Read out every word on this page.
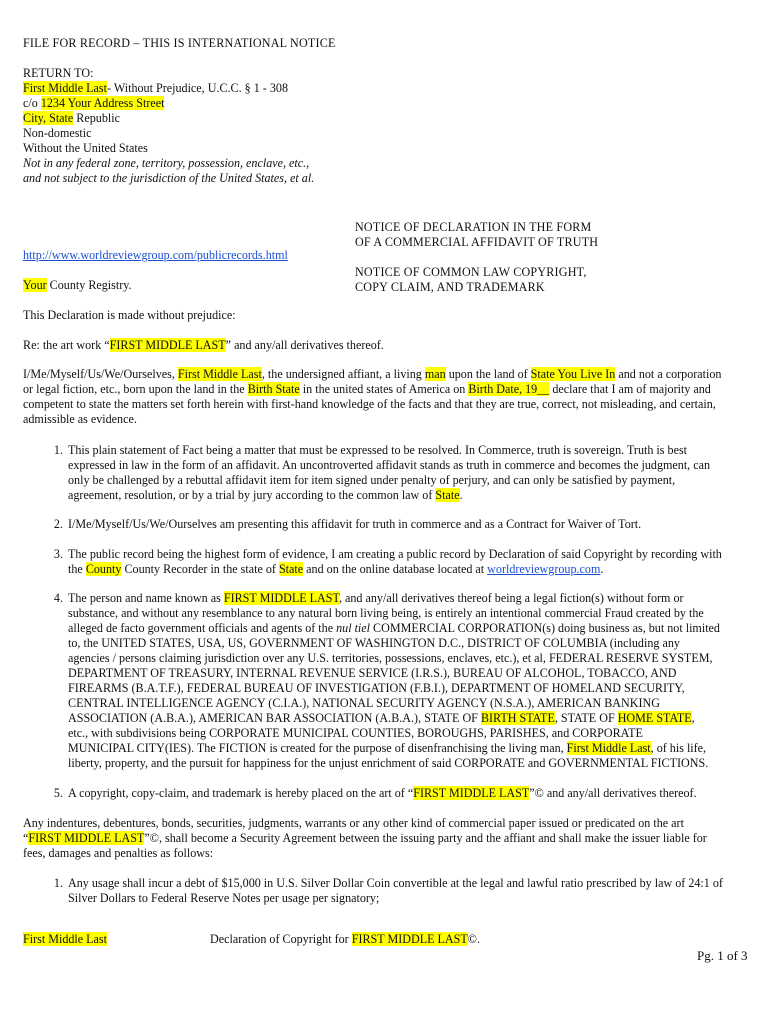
FILE FOR RECORD – THIS IS INTERNATIONAL NOTICE
RETURN TO:
First Middle Last- Without Prejudice, U.C.C. § 1 - 308
c/o 1234 Your Address Street
City, State Republic
Non-domestic
Without the United States
Not in any federal zone, territory, possession, enclave, etc.,
and not subject to the jurisdiction of the United States, et al.
NOTICE OF DECLARATION IN THE FORM
OF A COMMERCIAL AFFIDAVIT OF TRUTH
NOTICE OF COMMON LAW COPYRIGHT,
COPY CLAIM, AND TRADEMARK
http://www.worldreviewgroup.com/publicrecords.html
Your County Registry.
This Declaration is made without prejudice:
Re: the art work “FIRST MIDDLE LAST” and any/all derivatives thereof.
I/Me/Myself/Us/We/Ourselves, First Middle Last, the undersigned affiant, a living man upon the land of State You Live In and not a corporation
or legal fiction, etc., born upon the land in the Birth State in the united states of America on Birth Date, 19__ declare that I am of majority and
competent to state the matters set forth herein with first-hand knowledge of the facts and that they are true, correct, not misleading, and certain,
admissible as evidence.
1. This plain statement of Fact being a matter that must be expressed to be resolved. In Commerce, truth is sovereign. Truth is best
expressed in law in the form of an affidavit. An uncontroverted affidavit stands as truth in commerce and becomes the judgment, can
only be challenged by a rebuttal affidavit item for item signed under penalty of perjury, and can only be satisfied by payment,
agreement, resolution, or by a trial by jury according to the common law of State.
2. I/Me/Myself/Us/We/Ourselves am presenting this affidavit for truth in commerce and as a Contract for Waiver of Tort.
3. The public record being the highest form of evidence, I am creating a public record by Declaration of said Copyright by recording with
the County County Recorder in the state of State and on the online database located at worldreviewgroup.com.
4. The person and name known as FIRST MIDDLE LAST, and any/all derivatives thereof being a legal fiction(s) without form or
substance, and without any resemblance to any natural born living being, is entirely an intentional commercial Fraud created by the
alleged de facto government officials and agents of the nul tiel COMMERCIAL CORPORATION(s) doing business as, but not limited
to, the UNITED STATES, USA, US, GOVERNMENT OF WASHINGTON D.C., DISTRICT OF COLUMBIA (including any
agencies / persons claiming jurisdiction over any U.S. territories, possessions, enclaves, etc.), et al, FEDERAL RESERVE SYSTEM,
DEPARTMENT OF TREASURY, INTERNAL REVENUE SERVICE (I.R.S.), BUREAU OF ALCOHOL, TOBACCO, AND
FIREARMS (B.A.T.F.), FEDERAL BUREAU OF INVESTIGATION (F.B.I.), DEPARTMENT OF HOMELAND SECURITY,
CENTRAL INTELLIGENCE AGENCY (C.I.A.), NATIONAL SECURITY AGENCY (N.S.A.), AMERICAN BANKING
ASSOCIATION (A.B.A.), AMERICAN BAR ASSOCIATION (A.B.A.), STATE OF BIRTH STATE, STATE OF HOME STATE,
etc., with subdivisions being CORPORATE MUNICIPAL COUNTIES, BOROUGHS, PARISHES, and CORPORATE
MUNICIPAL CITY(IES). The FICTION is created for the purpose of disenfranchising the living man, First Middle Last, of his life,
liberty, property, and the pursuit for happiness for the unjust enrichment of said CORPORATE and GOVERNMENTAL FICTIONS.
5. A copyright, copy-claim, and trademark is hereby placed on the art of “FIRST MIDDLE LAST”© and any/all derivatives thereof.
Any indentures, debentures, bonds, securities, judgments, warrants or any other kind of commercial paper issued or predicated on the art
“FIRST MIDDLE LAST”©, shall become a Security Agreement between the issuing party and the affiant and shall make the issuer liable for
fees, damages and penalties as follows:
1. Any usage shall incur a debt of $15,000 in U.S. Silver Dollar Coin convertible at the legal and lawful ratio prescribed by law of 24:1 of
Silver Dollars to Federal Reserve Notes per usage per signatory;
First Middle Last	Declaration of Copyright for FIRST MIDDLE LAST©.
Pg. 1 of 3
